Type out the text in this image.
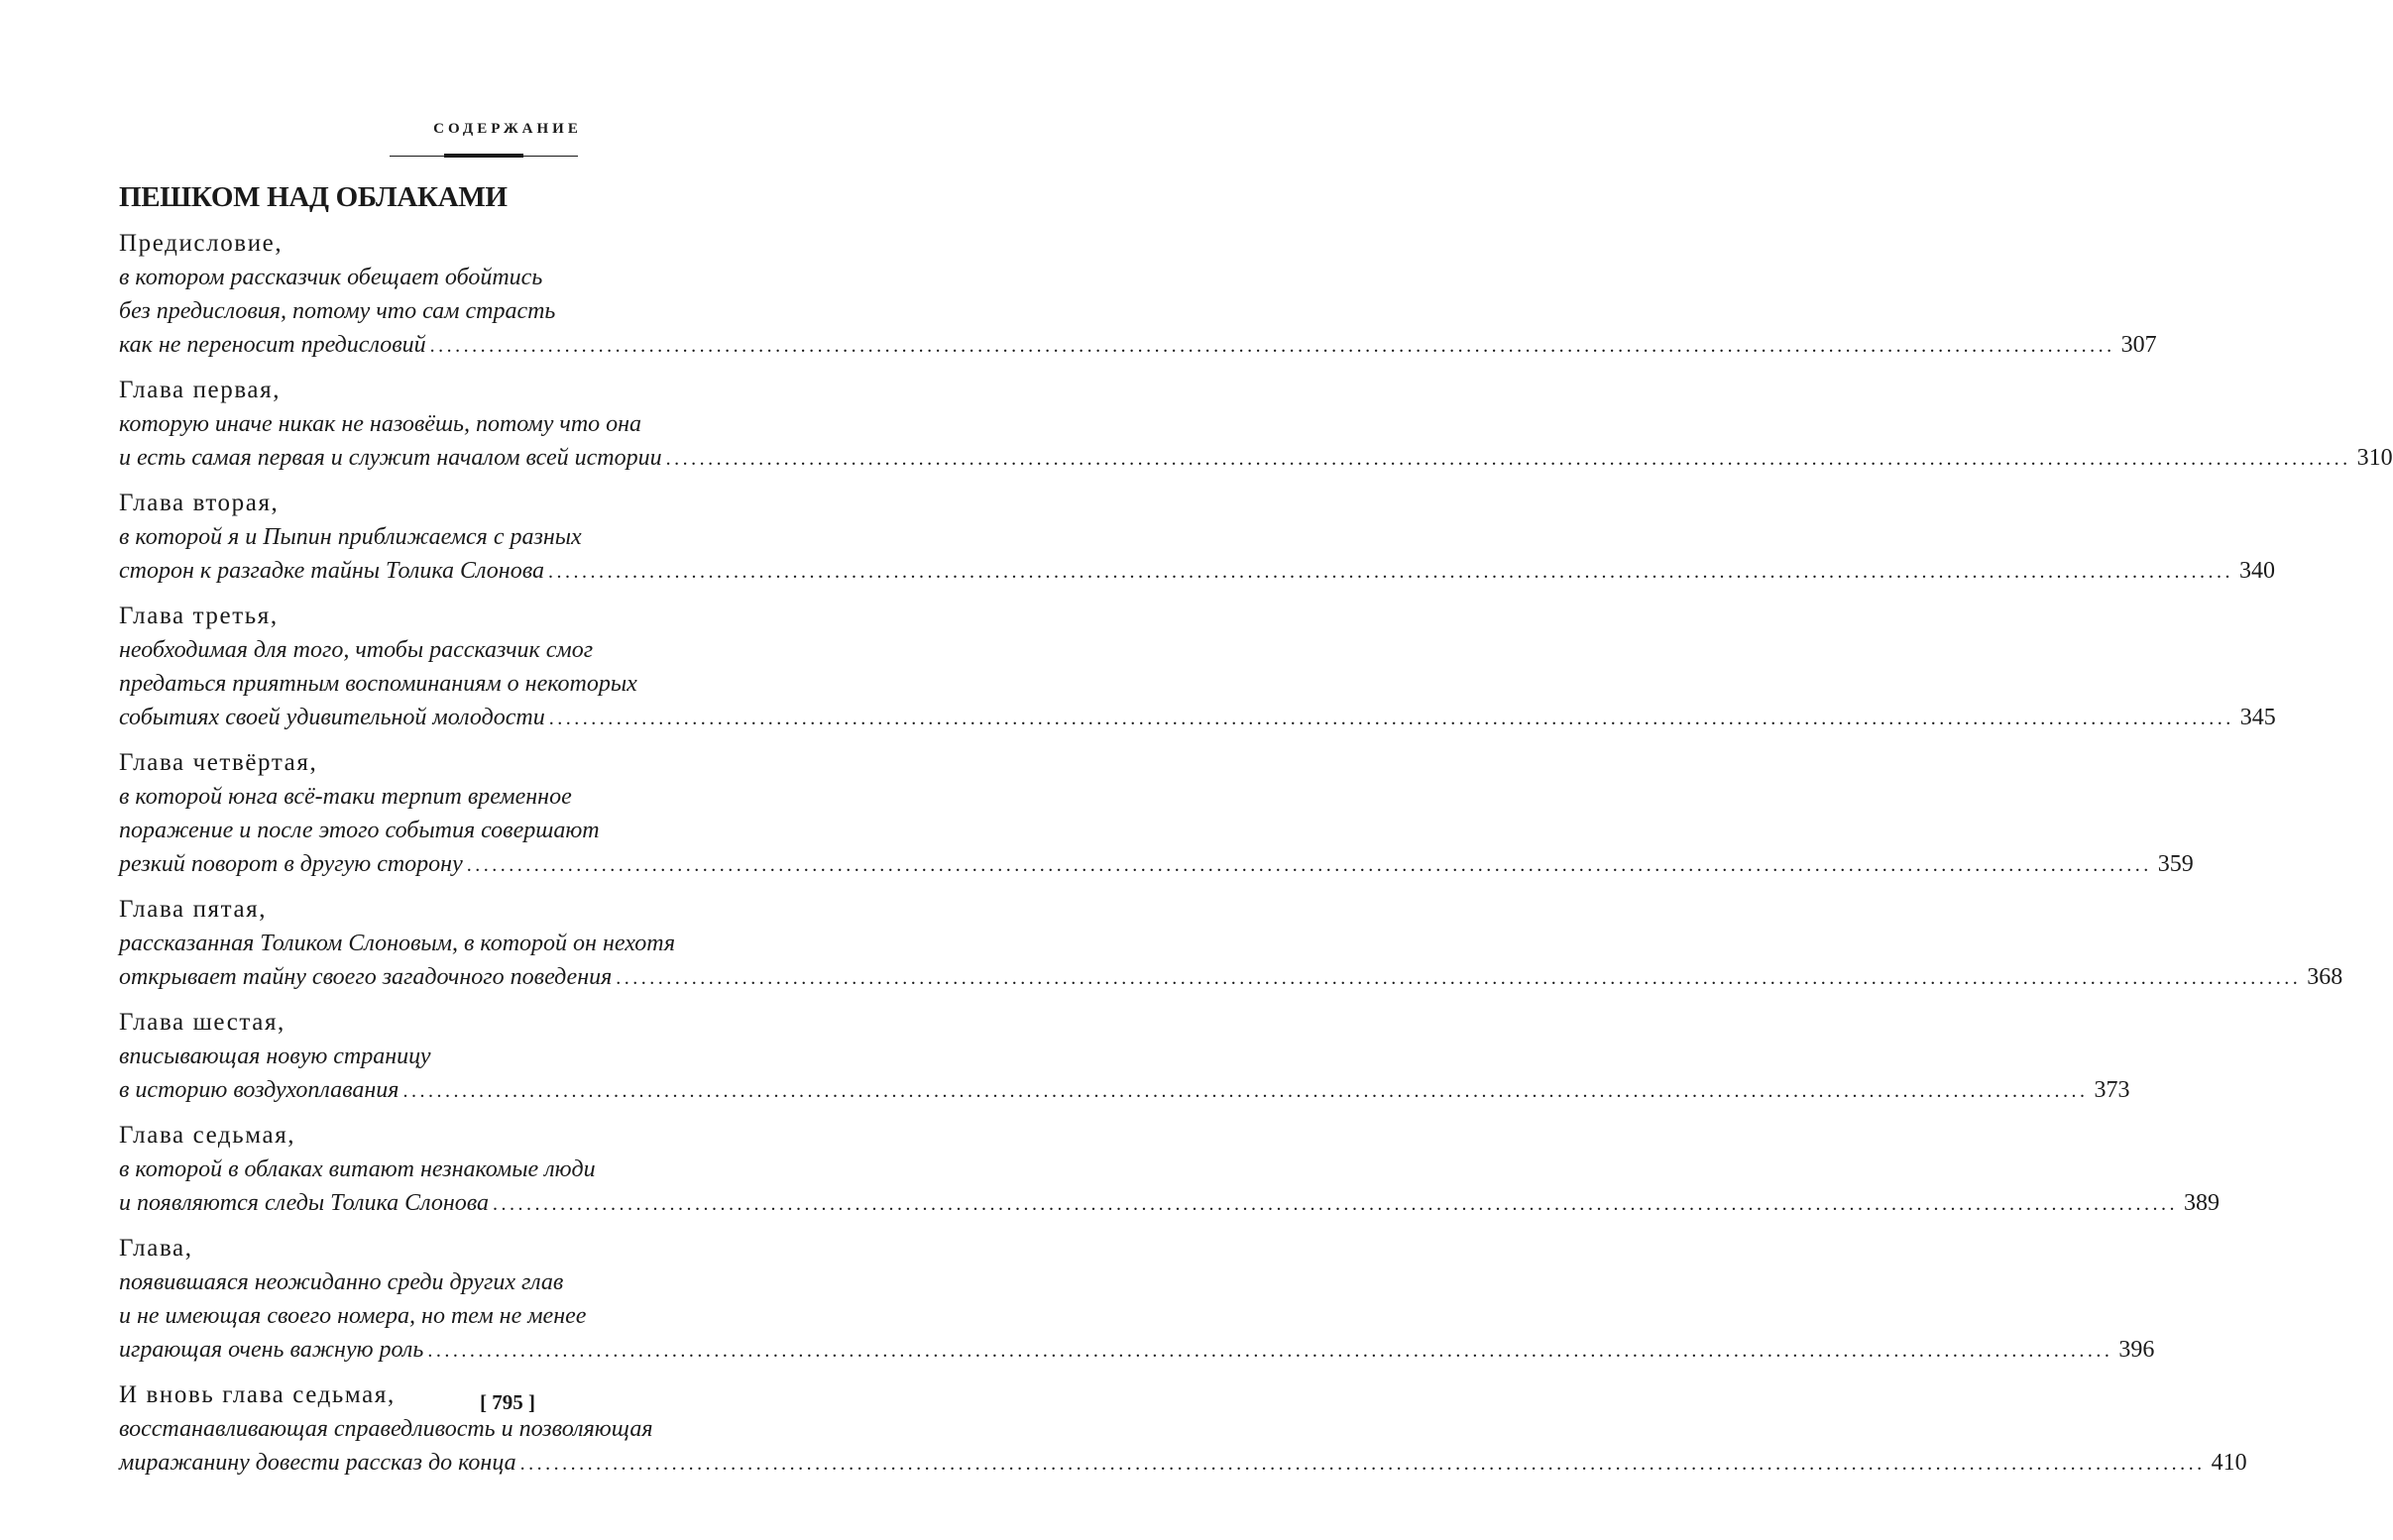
СОДЕРЖАНИЕ
ПЕШКОМ НАД ОБЛАКАМИ
Предисловие,
в котором рассказчик обещает обойтись
без предисловия, потому что сам страсть
как не переносит предисловий ........................................................................................................................................................................................................ 307
Глава первая,
которую иначе никак не назовёшь, потому что она
и есть самая первая и служит началом всей истории ........................................................................................................................................................................................................ 310
Глава вторая,
в которой я и Пыпин приближаемся с разных
сторон к разгадке тайны Толика Слонова ........................................................................................................................................................................................................ 340
Глава третья,
необходимая для того, чтобы рассказчик смог
предаться приятным воспоминаниям о некоторых
событиях своей удивительной молодости ........................................................................................................................................................................................................ 345
Глава четвёртая,
в которой юнга всё-таки терпит временное
поражение и после этого события совершают
резкий поворот в другую сторону ........................................................................................................................................................................................................ 359
Глава пятая,
рассказанная Толиком Слоновым, в которой он нехотя
открывает тайну своего загадочного поведения ........................................................................................................................................................................................................ 368
Глава шестая,
вписывающая новую страницу
в историю воздухоплавания ........................................................................................................................................................................................................ 373
Глава седьмая,
в которой в облаках витают незнакомые люди
и появляются следы Толика Слонова ........................................................................................................................................................................................................ 389
Глава,
появившаяся неожиданно среди других глав
и не имеющая своего номера, но тем не менее
играющая очень важную роль ........................................................................................................................................................................................................ 396
И вновь глава седьмая,
восстанавливающая справедливость и позволяющая
миражанину довести рассказ до конца ........................................................................................................................................................................................................ 410
[ 795 ]
